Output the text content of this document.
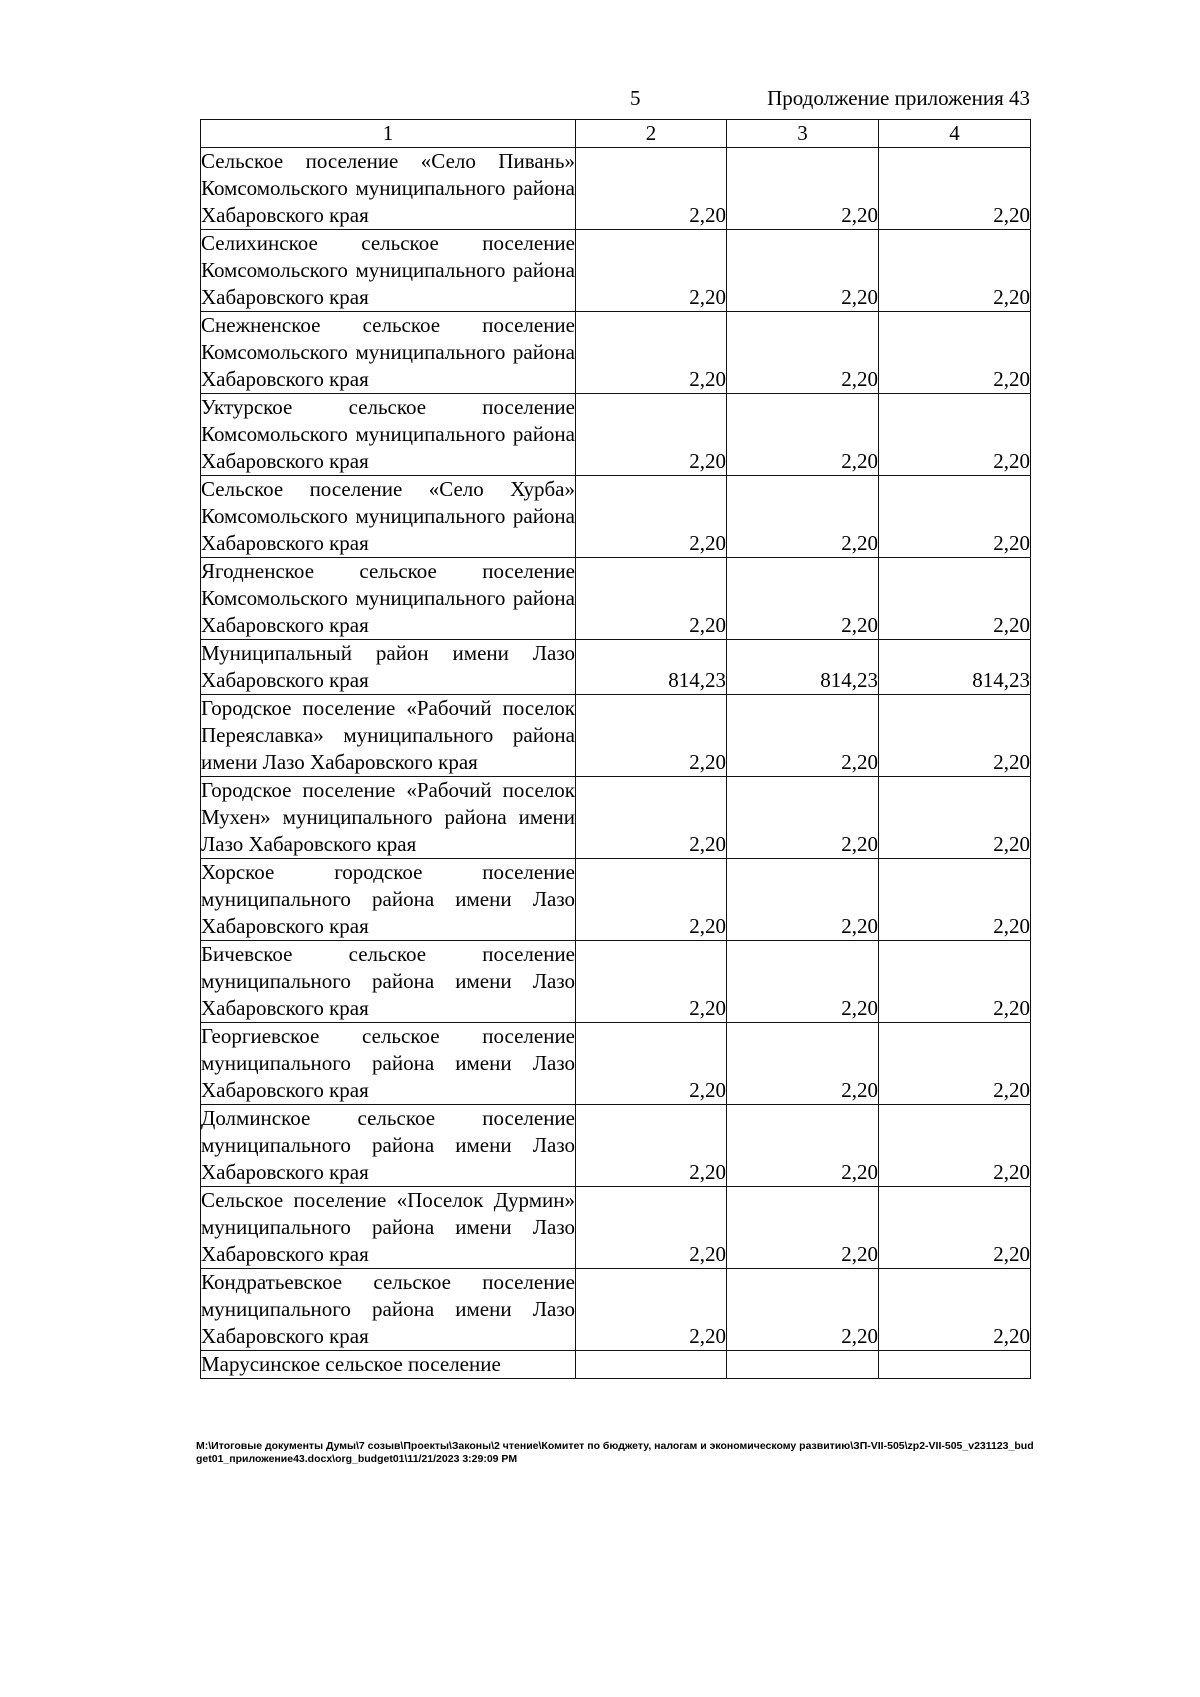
5	Продолжение приложения 43
1	2	3	4
Сельское поселение «Село Пивань» Комсомольского муниципального района Хабаровского края	2,20	2,20	2,20
Селихинское сельское поселение Комсомольского муниципального района Хабаровского края	2,20	2,20	2,20
Снежненское сельское поселение Комсомольского муниципального района Хабаровского края	2,20	2,20	2,20
Уктурское сельское поселение Комсомольского муниципального района Хабаровского края	2,20	2,20	2,20
Сельское поселение «Село Хурба» Комсомольского муниципального района Хабаровского края	2,20	2,20	2,20
Ягодненское сельское поселение Комсомольского муниципального района Хабаровского края	2,20	2,20	2,20
Муниципальный район имени Лазо Хабаровского края	814,23	814,23	814,23
Городское поселение «Рабочий поселок Переяславка» муниципального района имени Лазо Хабаровского края	2,20	2,20	2,20
Городское поселение «Рабочий поселок Мухен» муниципального района имени Лазо Хабаровского края	2,20	2,20	2,20
Хорское городское поселение муниципального района имени Лазо Хабаровского края	2,20	2,20	2,20
Бичевское сельское поселение муниципального района имени Лазо Хабаровского края	2,20	2,20	2,20
Георгиевское сельское поселение муниципального района имени Лазо Хабаровского края	2,20	2,20	2,20
Долминское сельское поселение муниципального района имени Лазо Хабаровского края	2,20	2,20	2,20
Сельское поселение «Поселок Дурмин» муниципального района имени Лазо Хабаровского края	2,20	2,20	2,20
Кондратьевское сельское поселение муниципального района имени Лазо Хабаровского края	2,20	2,20	2,20
Марусинское сельское поселение			
M:\Итоговые документы Думы\7 созыв\Проекты\Законы\2 чтение\Комитет по бюджету, налогам и экономическому развитию\ЗП-VII-505\zp2-VII-505_v231123_budget01_приложение43.docx\org_budget01\11/21/2023 3:29:09 PM
